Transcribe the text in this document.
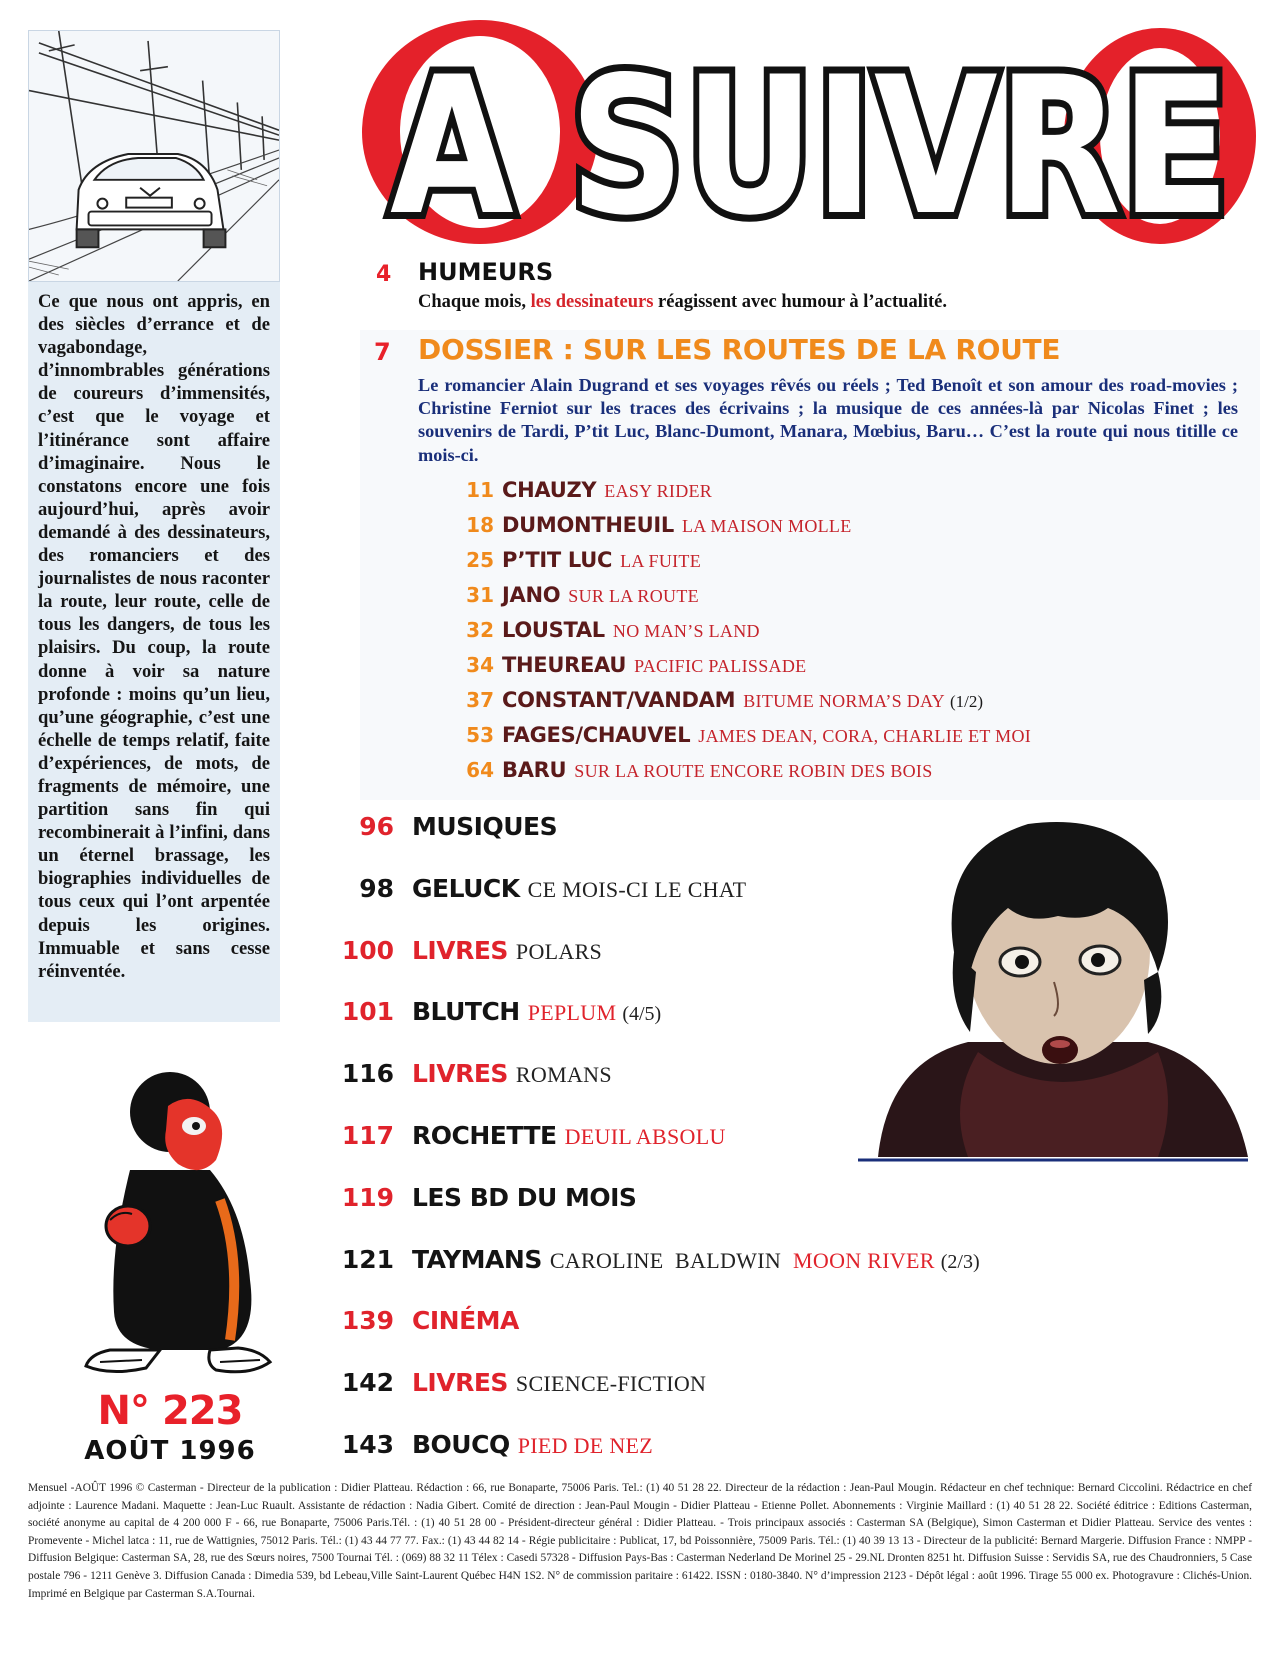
Ce que nous ont appris, en des siècles d’errance et de vagabondage, d’innombrables générations de coureurs d’immensités, c’est que le voyage et l’itinérance sont affaire d’imaginaire. Nous le constatons encore une fois aujourd’hui, après avoir demandé à des dessinateurs, des romanciers et des journalistes de nous raconter la route, leur route, celle de tous les dangers, de tous les plaisirs. Du coup, la route donne à voir sa nature profonde : moins qu’un lieu, qu’une géographie, c’est une échelle de temps relatif, faite d’expériences, de mots, de fragments de mémoire, une partition sans fin qui recombinerait à l’infini, dans un éternel brassage, les biographies individuelles de tous ceux qui l’ont arpentée depuis les origines. Immuable et sans cesse réinventée.
N° 223
AOÛT 1996
A SUIVRE
4 HUMEURS
Chaque mois, les dessinateurs réagissent avec humour à l’actualité.
7 DOSSIER : SUR LES ROUTES DE LA ROUTE
Le romancier Alain Dugrand et ses voyages rêvés ou réels ; Ted Benoît et son amour des road-movies ; Christine Ferniot sur les traces des écrivains ; la musique de ces années-là par Nicolas Finet ; les souvenirs de Tardi, P’tit Luc, Blanc-Dumont, Manara, Mœbius, Baru… C’est la route qui nous titille ce mois-ci.
11 CHAUZY EASY RIDER
18 DUMONTHEUIL LA MAISON MOLLE
25 P’TIT LUC LA FUITE
31 JANO SUR LA ROUTE
32 LOUSTAL NO MAN’S LAND
34 THEUREAU PACIFIC PALISSADE
37 CONSTANT/VANDAM BITUME NORMA’S DAY (1/2)
53 FAGES/CHAUVEL JAMES DEAN, CORA, CHARLIE ET MOI
64 BARU SUR LA ROUTE ENCORE ROBIN DES BOIS
96 MUSIQUES
98 GELUCK CE MOIS-CI LE CHAT
100 LIVRES POLARS
101 BLUTCH PEPLUM (4/5)
116 LIVRES ROMANS
117 ROCHETTE DEUIL ABSOLU
119 LES BD DU MOIS
121 TAYMANS CAROLINE  BALDWIN MOON RIVER (2/3)
139 CINÉMA
142 LIVRES SCIENCE-FICTION
143 BOUCQ PIED DE NEZ
Mensuel -AOÛT 1996 © Casterman - Directeur de la publication : Didier Platteau. Rédaction : 66, rue Bonaparte, 75006 Paris. Tel.: (1) 40 51 28 22. Directeur de la rédaction : Jean-Paul Mougin. Rédacteur en chef technique: Bernard Ciccolini. Rédactrice en chef adjointe : Laurence Madani. Maquette : Jean-Luc Ruault. Assistante de rédaction : Nadia Gibert. Comité de direction : Jean-Paul Mougin - Didier Platteau - Etienne Pollet. Abonnements : Virginie Maillard : (1) 40 51 28 22. Société éditrice : Editions Casterman, société anonyme au capital de 4 200 000 F - 66, rue Bonaparte, 75006 Paris.Tél. : (1) 40 51 28 00 - Président-directeur général : Didier Platteau. - Trois principaux associés : Casterman SA (Belgique), Simon Casterman et Didier Platteau. Service des ventes : Promevente - Michel latca : 11, rue de Wattignies, 75012 Paris. Tél.: (1) 43 44 77 77. Fax.: (1) 43 44 82 14 - Régie publicitaire : Publicat, 17, bd Poissonnière, 75009 Paris. Tél.: (1) 40 39 13 13 - Directeur de la publicité: Bernard Margerie. Diffusion France : NMPP - Diffusion Belgique: Casterman SA, 28, rue des Sœurs noires, 7500 Tournai Tél. : (069) 88 32 11 Télex : Casedi 57328 - Diffusion Pays-Bas : Casterman Nederland De Morinel 25 - 29.NL Dronten 8251 ht. Diffusion Suisse : Servidis SA, rue des Chaudronniers, 5 Case postale 796 - 1211 Genève 3. Diffusion Canada : Dimedia 539, bd Lebeau,Ville Saint-Laurent Québec H4N 1S2. N° de commission paritaire : 61422. ISSN : 0180-3840. N° d’impression 2123 - Dépôt légal : août 1996. Tirage 55 000 ex. Photogravure : Clichés-Union. Imprimé en Belgique par Casterman S.A.Tournai.
